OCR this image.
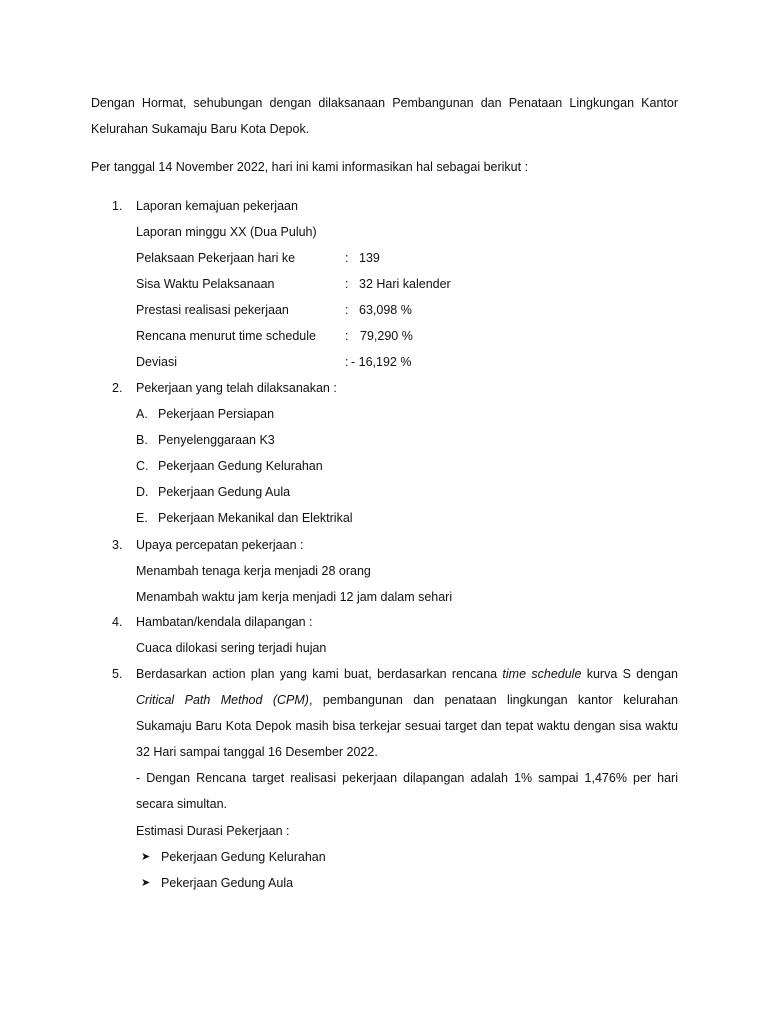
Dengan Hormat, sehubungan dengan dilaksanaan Pembangunan dan Penataan Lingkungan Kantor

Kelurahan Sukamaju Baru Kota Depok.

Per tanggal 14 November 2022, hari ini kami informasikan hal sebagai berikut :

1. Laporan kemajuan pekerjaan
Laporan minggu XX (Dua Puluh)
Pelaksaan Pekerjaan hari ke	: 139
Sisa Waktu Pelaksanaan	: 32 Hari kalender
Prestasi realisasi pekerjaan	: 63,098 %
Rencana menurut time schedule : 79,290 %
Deviasi	: - 16,192 %
2. Pekerjaan yang telah dilaksanakan :
A. Pekerjaan Persiapan
B. Penyelenggaraan K3
C. Pekerjaan Gedung Kelurahan
D. Pekerjaan Gedung Aula
E. Pekerjaan Mekanikal dan Elektrikal
3. Upaya percepatan pekerjaan :
Menambah tenaga kerja menjadi 28 orang
Menambah waktu jam kerja menjadi 12 jam dalam sehari
4. Hambatan/kendala dilapangan :
Cuaca dilokasi sering terjadi hujan
5. Berdasarkan action plan yang kami buat, berdasarkan rencana time schedule kurva S dengan

Critical Path Method (CPM), pembangunan dan penataan lingkungan kantor kelurahan

Sukamaju Baru Kota Depok masih bisa terkejar sesuai target dan tepat waktu dengan sisa waktu

32 Hari sampai tanggal 16 Desember 2022.

- Dengan Rencana target realisasi pekerjaan dilapangan adalah 1% sampai 1,476% per hari

secara simultan.

Estimasi Durasi Pekerjaan :

➤ Pekerjaan Gedung Kelurahan
➤ Pekerjaan Gedung Aula
